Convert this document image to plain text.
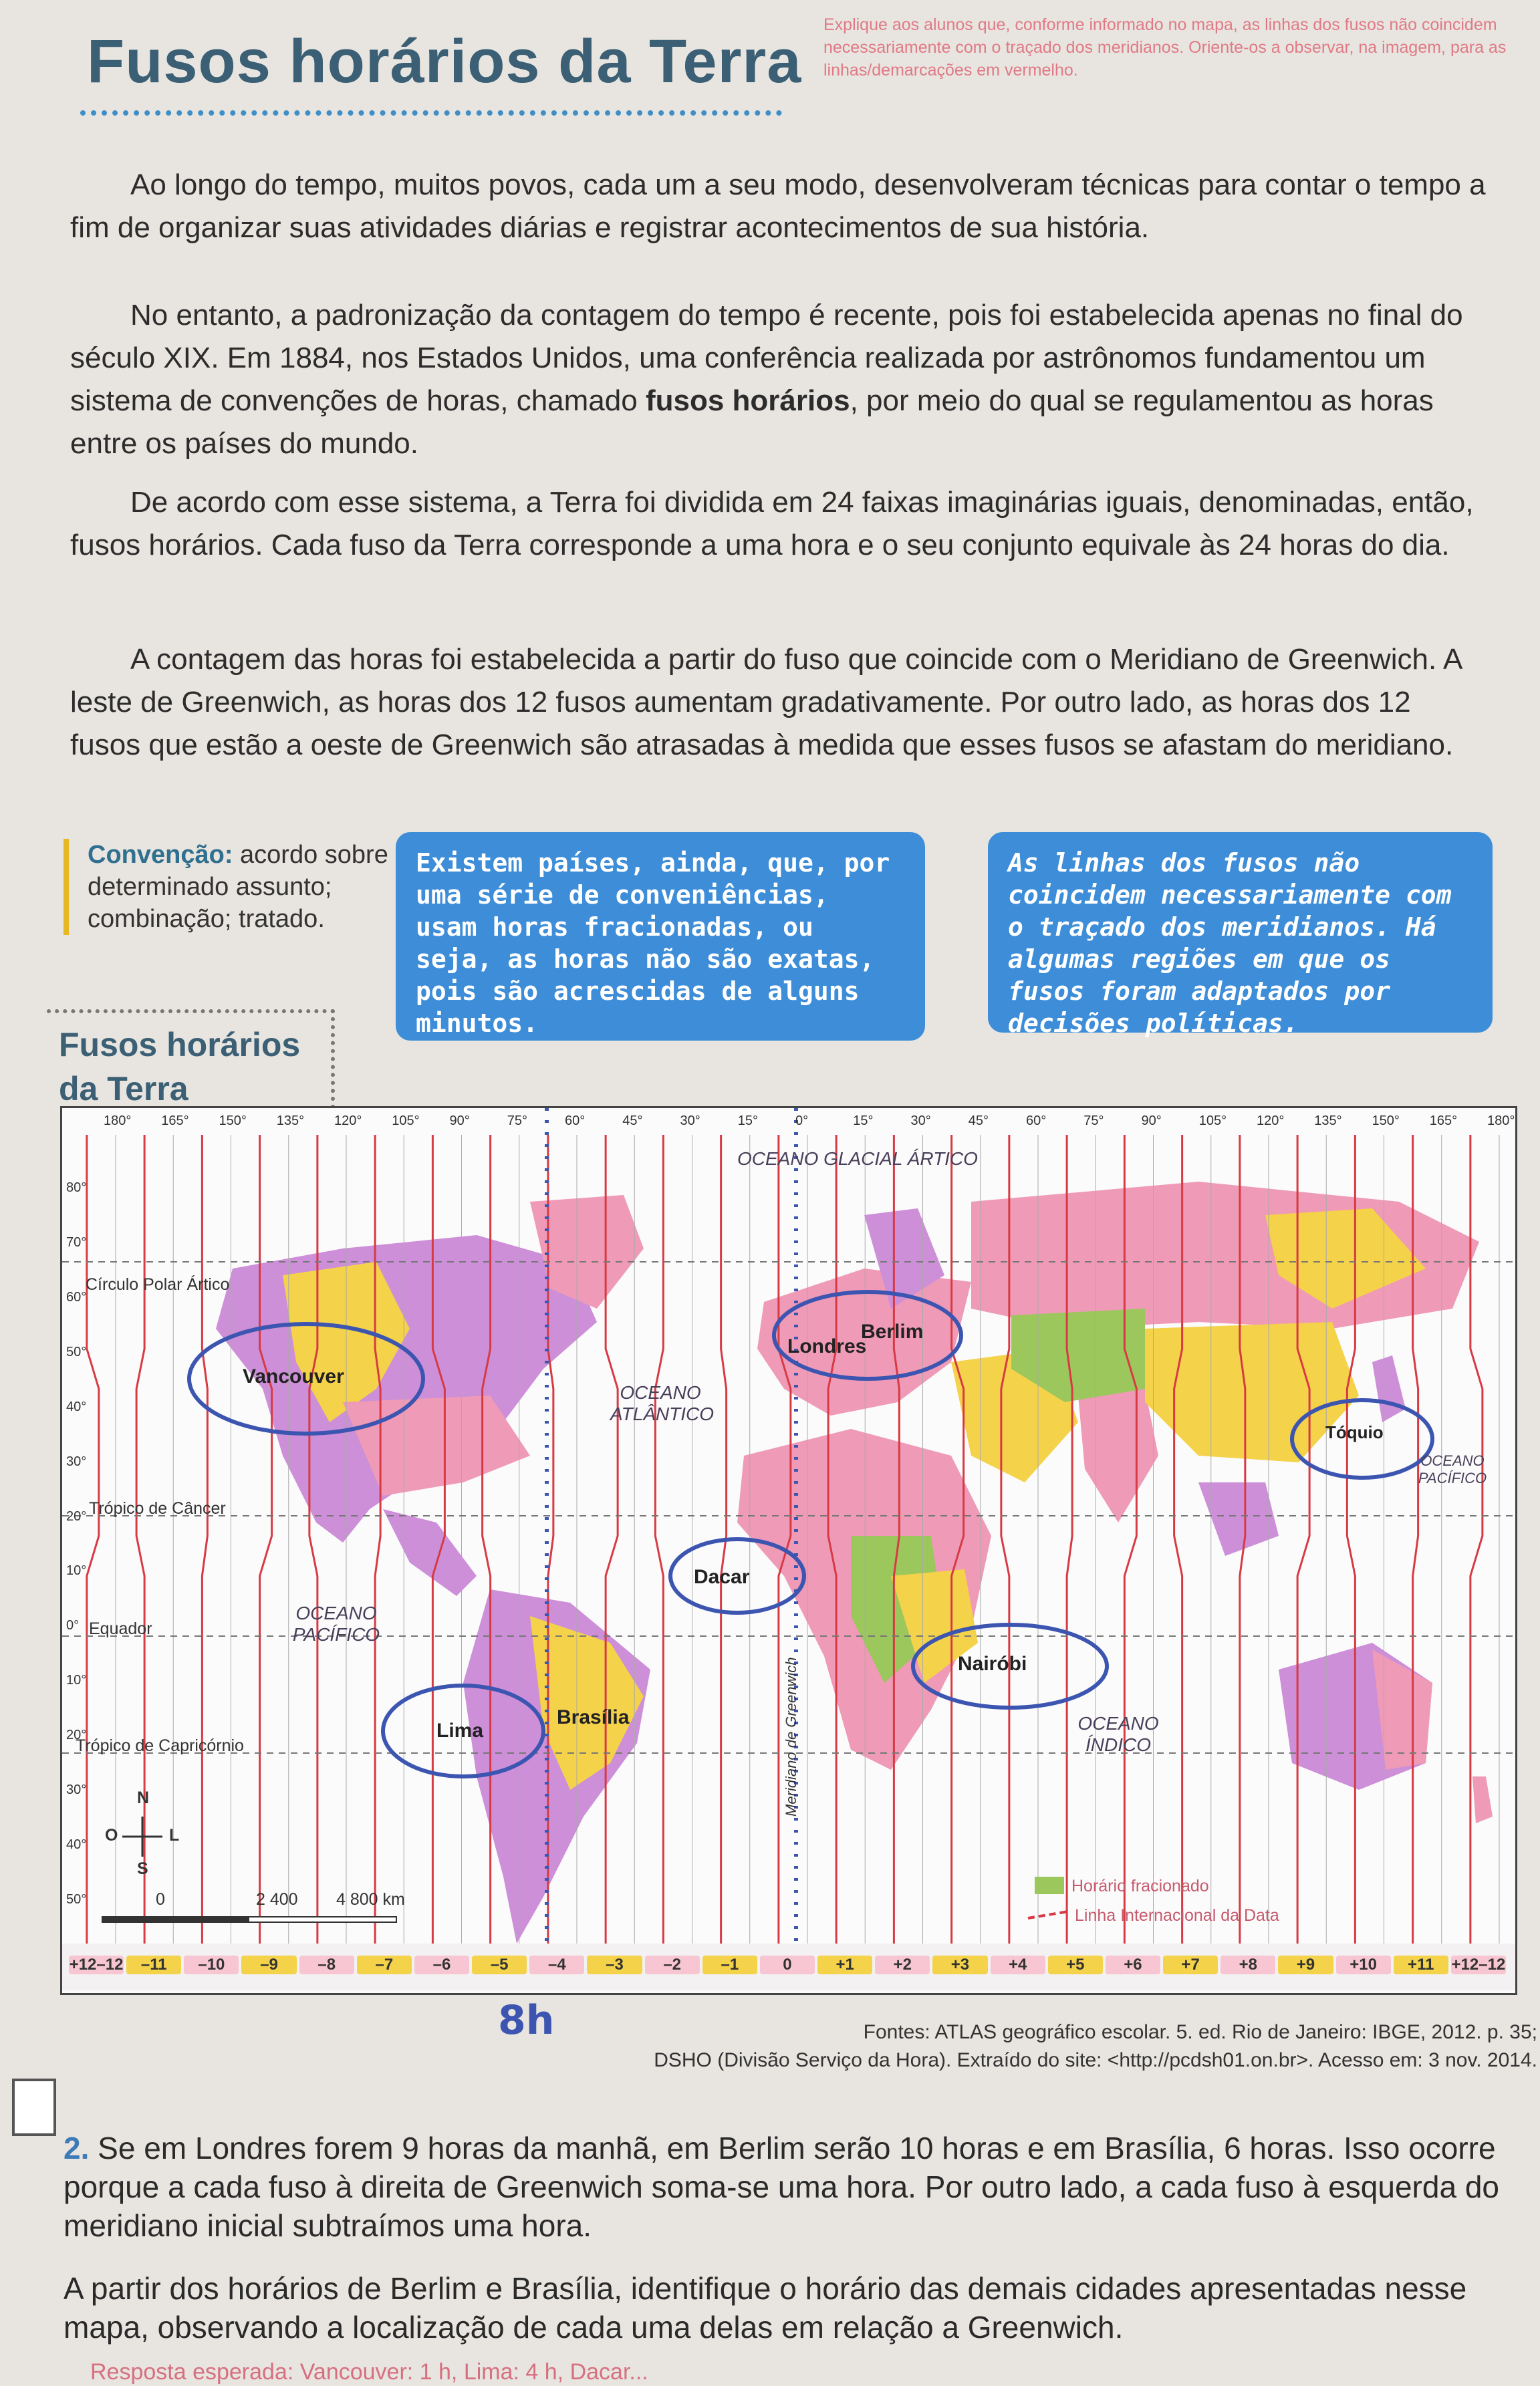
Fusos horários da Terra
Explique aos alunos que, conforme informado no mapa, as linhas dos fusos não coincidem necessariamente com o traçado dos meridianos. Oriente-os a observar, na imagem, para as linhas/demarcações em vermelho.

Ao longo do tempo, muitos povos, cada um a seu modo, desenvolveram técnicas para contar o tempo a fim de organizar suas atividades diárias e registrar acontecimentos de sua história.

No entanto, a padronização da contagem do tempo é recente, pois foi estabelecida apenas no final do século XIX. Em 1884, nos Estados Unidos, uma conferência realizada por astrônomos fundamentou um sistema de convenções de horas, chamado fusos horários, por meio do qual se regulamentou as horas entre os países do mundo.

De acordo com esse sistema, a Terra foi dividida em 24 faixas imaginárias iguais, denominadas, então, fusos horários. Cada fuso da Terra corresponde a uma hora e o seu conjunto equivale às 24 horas do dia.

A contagem das horas foi estabelecida a partir do fuso que coincide com o Meridiano de Greenwich. A leste de Greenwich, as horas dos 12 fusos aumentam gradativamente. Por outro lado, as horas dos 12 fusos que estão a oeste de Greenwich são atrasadas à medida que esses fusos se afastam do meridiano.

Convenção: acordo sobre determinado assunto; combinação; tratado.
Existem países, ainda, que, por uma série de conveniências, usam horas fracionadas, ou seja, as horas não são exatas, pois são acrescidas de alguns minutos.
As linhas dos fusos não coincidem necessariamente com o traçado dos meridianos. Há algumas regiões em que os fusos foram adaptados por decisões políticas.
Fusos horários
da Terra
180° 165° 150° 135° 120° 105° 90°	75°	60°	45°	30°	15°	0°	15°	30°	45°	60°	75°	90°	105° 120° 135° 150° 165° 180°
80°
70°
60°
50°
40°
30°
20°
10°
0°
10°
20°
30°
40°
50°
+12–12	–11	–10	–9	–8	–7	–6	–5	–4	–3	–2	–1	0	+1	+2	+3	+4	+5	+6	+7	+8	+9	+10	+11	+12–12
OCEANO GLACIAL ÁRTICO
Círculo Polar Ártico
Trópico de Câncer
Equador
Trópico de Capricórnio
OCEANO ATLÂNTICO
OCEANO PACÍFICO
OCEANO PACÍFICO
OCEANO ÍNDICO
Meridiano de Greenwich
Vancouver
Londres
Berlim
Tóquio
Dacar
Nairóbi
Lima
Brasília
N
S
L
O
0	2 400 4 800 km
Horário fracionado
Linha Internacional da Data
8h	Fontes: ATLAS geográfico escolar. 5. ed. Rio de Janeiro: IBGE, 2012. p. 35;
DSHO (Divisão Serviço da Hora). Extraído do site: <http://pcdsh01.on.br>. Acesso em: 3 nov. 2014.

2. Se em Londres forem 9 horas da manhã, em Berlim serão 10 horas e em Brasília, 6 horas. Isso ocorre porque a cada fuso à direita de Greenwich soma-se uma hora. Por outro lado, a cada fuso à esquerda do meridiano inicial subtraímos uma hora.

A partir dos horários de Berlim e Brasília, identifique o horário das demais cidades apresentadas nesse mapa, observando a localização de cada uma delas em relação a Greenwich.

Resposta esperada: Vancouver: 1 h, Lima: 4 h, Dacar...
